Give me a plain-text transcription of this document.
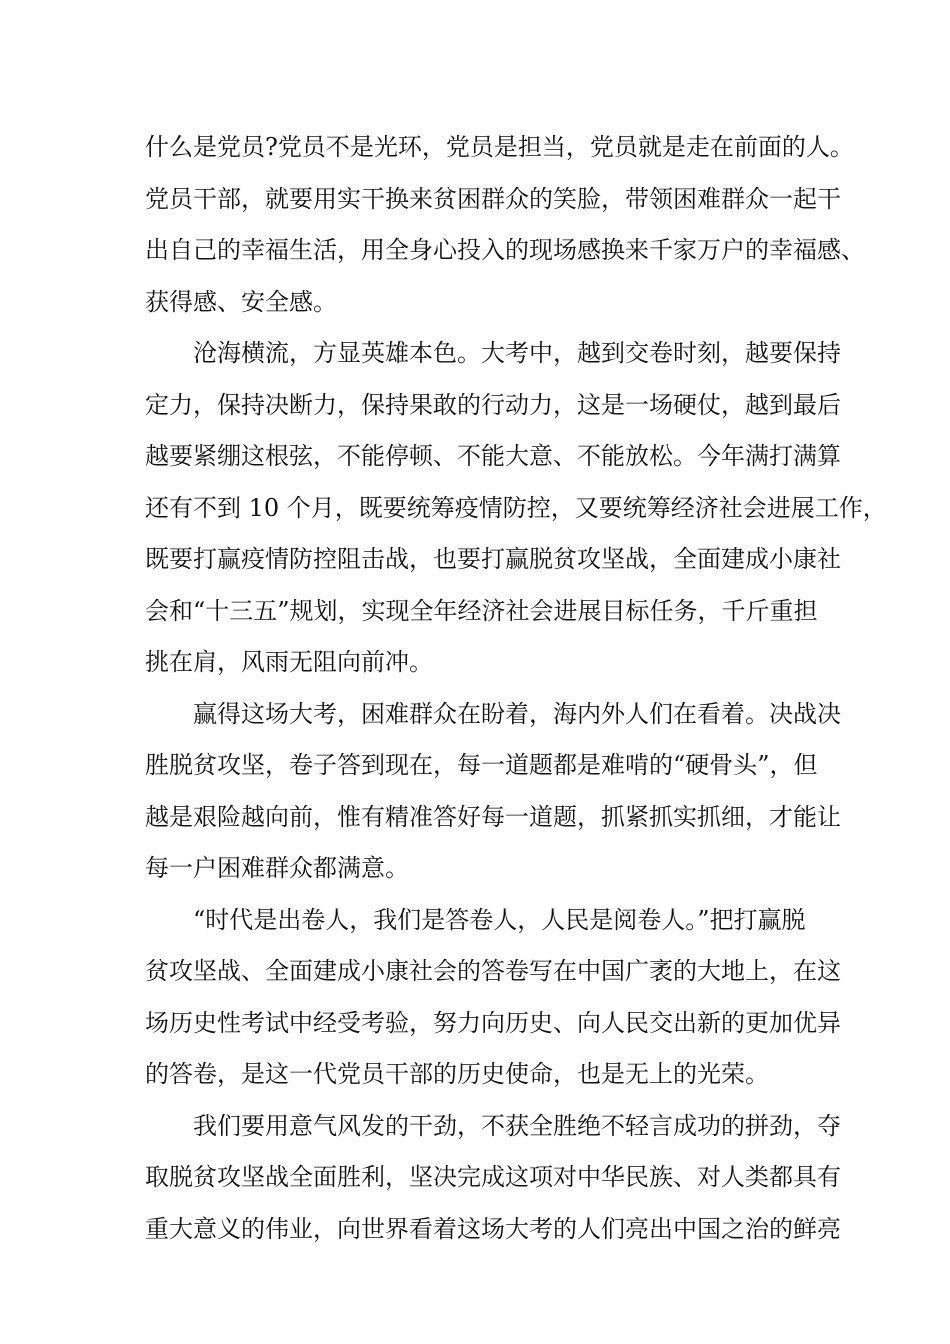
什么是党员?党员不是光环，党员是担当，党员就是走在前面的人。
党员干部，就要用实干换来贫困群众的笑脸，带领困难群众一起干
出自己的幸福生活，用全身心投入的现场感换来千家万户的幸福感、
获得感、安全感。
沧海横流，方显英雄本色。大考中，越到交卷时刻，越要保持
定力，保持决断力，保持果敢的行动力，这是一场硬仗，越到最后
越要紧绷这根弦，不能停顿、不能大意、不能放松。今年满打满算
还有不到 10 个月，既要统筹疫情防控，又要统筹经济社会进展工作，
既要打赢疫情防控阻击战，也要打赢脱贫攻坚战，全面建成小康社
会和“十三五”规划，实现全年经济社会进展目标任务，千斤重担
挑在肩，风雨无阻向前冲。
赢得这场大考，困难群众在盼着，海内外人们在看着。决战决
胜脱贫攻坚，卷子答到现在，每一道题都是难啃的“硬骨头”，但
越是艰险越向前，惟有精准答好每一道题，抓紧抓实抓细，才能让
每一户困难群众都满意。
“时代是出卷人，我们是答卷人，人民是阅卷人。”把打赢脱
贫攻坚战、全面建成小康社会的答卷写在中国广袤的大地上，在这
场历史性考试中经受考验，努力向历史、向人民交出新的更加优异
的答卷，是这一代党员干部的历史使命，也是无上的光荣。
我们要用意气风发的干劲，不获全胜绝不轻言成功的拼劲，夺
取脱贫攻坚战全面胜利，坚决完成这项对中华民族、对人类都具有
重大意义的伟业，向世界看着这场大考的人们亮出中国之治的鲜亮
